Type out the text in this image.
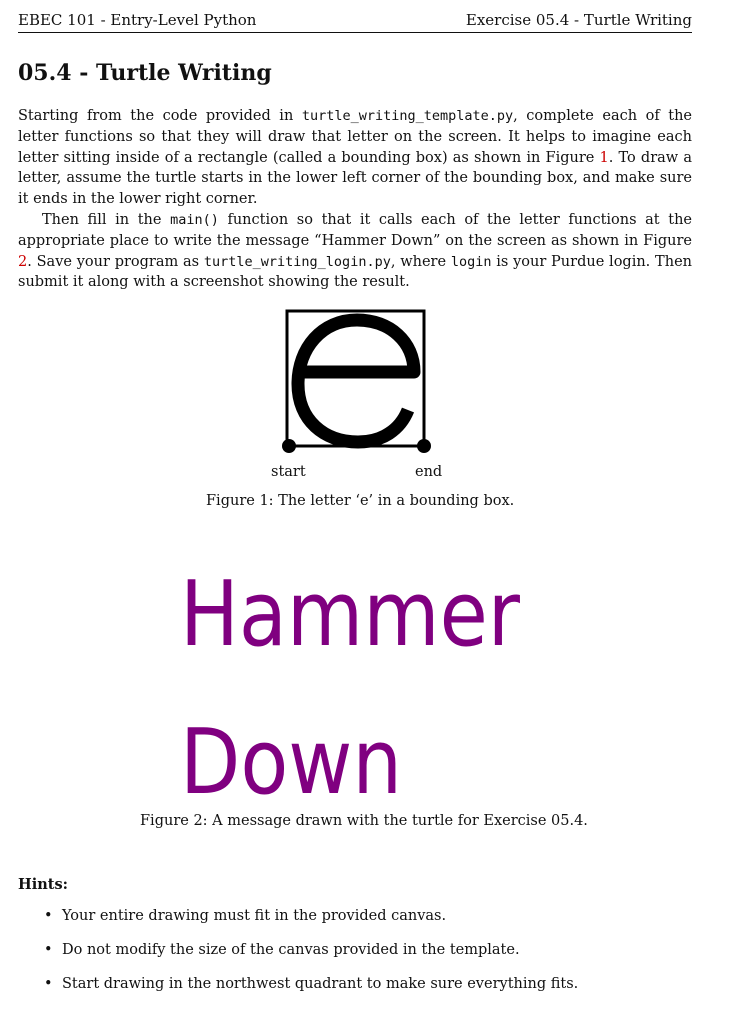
EBEC 101 - Entry-Level Python	Exercise 05.4 - Turtle Writing
05.4 - Turtle Writing

Starting from the code provided in turtle_writing_template.py, complete each of the letter functions so that they will draw that letter on the screen. It helps to imagine each letter sitting inside of a rectangle (called a bounding box) as shown in Figure 1. To draw a letter, assume the turtle starts in the lower left corner of the bounding box, and make sure it ends in the lower right corner.

Then fill in the main() function so that it calls each of the letter functions at the appropriate place to write the message “Hammer Down” on the screen as shown in Figure 2. Save your program as turtle_writing_login.py, where login is your Purdue login. Then submit it along with a screenshot showing the result.

start	end
Figure 1: The letter ‘e’ in a bounding box.
Hammer
Down
Figure 2: A message drawn with the turtle for Exercise 05.4.
Hints:
• Your entire drawing must fit in the provided canvas.
• Do not modify the size of the canvas provided in the template.
• Start drawing in the northwest quadrant to make sure everything fits.
